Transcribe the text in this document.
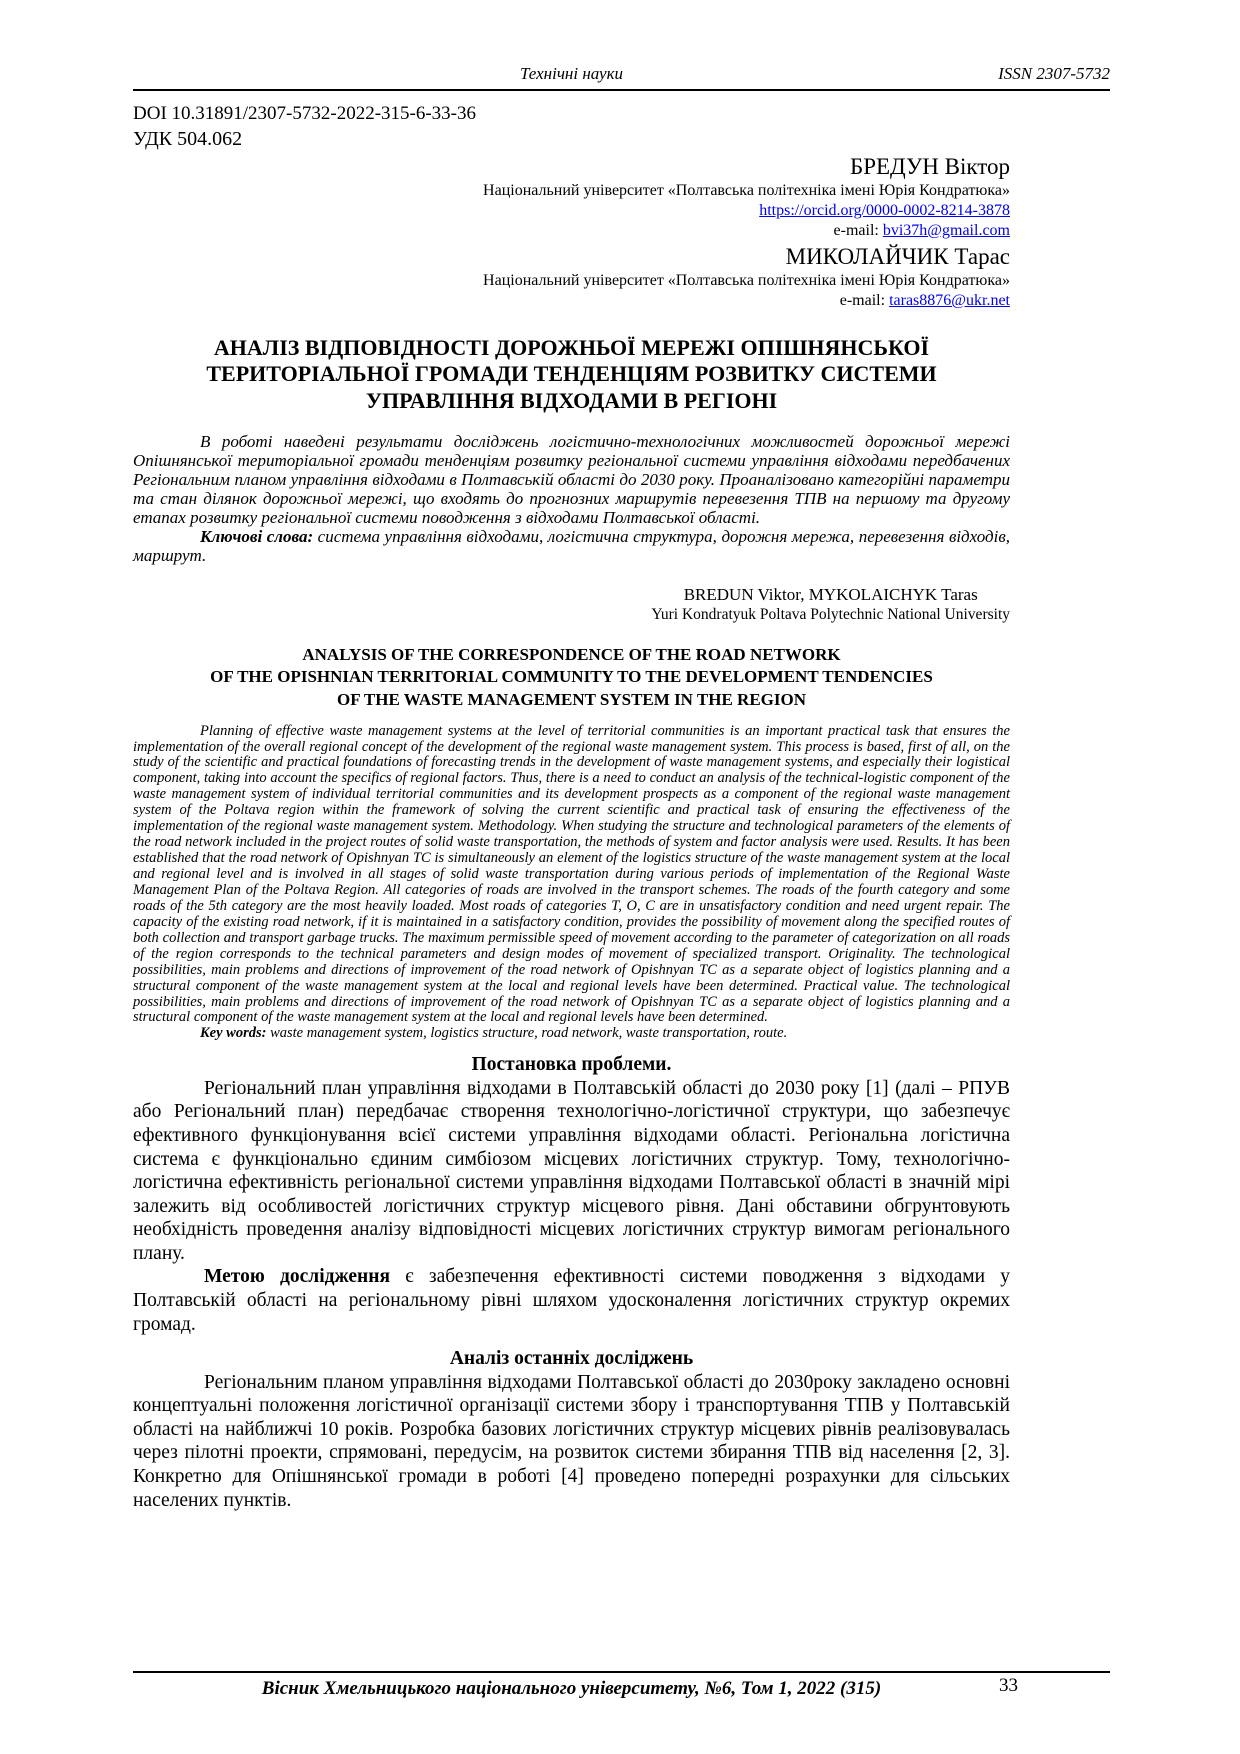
Технічні науки	ISSN 2307-5732
DOI 10.31891/2307-5732-2022-315-6-33-36
УДК 504.062
БРЕДУН Віктор
Національний університет «Полтавська політехніка імені Юрія Кондратюка»
https://orcid.org/0000-0002-8214-3878
e-mail: bvi37h@gmail.com
МИКОЛАЙЧИК Тарас
Національний університет «Полтавська політехніка імені Юрія Кондратюка»
e-mail: taras8876@ukr.net
АНАЛІЗ ВІДПОВІДНОСТІ ДОРОЖНЬОЇ МЕРЕЖІ ОПІШНЯНСЬКОЇ
ТЕРИТОРІАЛЬНОЇ ГРОМАДИ ТЕНДЕНЦІЯМ РОЗВИТКУ СИСТЕМИ
УПРАВЛІННЯ ВІДХОДАМИ В РЕГІОНІ

В роботі наведені результати досліджень логістично-технологічних можливостей дорожньої мережі Опішнянської територіальної громади тенденціям розвитку регіональної системи управління відходами передбачених Регіональним планом управління відходами в Полтавській області до 2030 року. Проаналізовано категорійні параметри та стан ділянок дорожньої мережі, що входять до прогнозних маршрутів перевезення ТПВ на першому та другому етапах розвитку регіональної системи поводження з відходами Полтавської області.

Ключові слова: система управління відходами, логістична структура, дорожня мережа, перевезення відходів, маршрут.

BREDUN Viktor, MYKOLAICHYK Taras
Yuri Kondratyuk Poltava Polytechnic National University
ANALYSIS OF THE CORRESPONDENCE OF THE ROAD NETWORK
OF THE OPISHNIAN TERRITORIAL COMMUNITY TO THE DEVELOPMENT TENDENCIES
OF THE WASTE MANAGEMENT SYSTEM IN THE REGION

Planning of effective waste management systems at the level of territorial communities is an important practical task that ensures the implementation of the overall regional concept of the development of the regional waste management system. This process is based, first of all, on the study of the scientific and practical foundations of forecasting trends in the development of waste management systems, and especially their logistical component, taking into account the specifics of regional factors. Thus, there is a need to conduct an analysis of the technical-logistic component of the waste management system of individual territorial communities and its development prospects as a component of the regional waste management system of the Poltava region within the framework of solving the current scientific and practical task of ensuring the effectiveness of the implementation of the regional waste management system. Methodology. When studying the structure and technological parameters of the elements of the road network included in the project routes of solid waste transportation, the methods of system and factor analysis were used. Results. It has been established that the road network of Opishnyan TC is simultaneously an element of the logistics structure of the waste management system at the local and regional level and is involved in all stages of solid waste transportation during various periods of implementation of the Regional Waste Management Plan of the Poltava Region. All categories of roads are involved in the transport schemes. The roads of the fourth category and some roads of the 5th category are the most heavily loaded. Most roads of categories T, O, C are in unsatisfactory condition and need urgent repair. The capacity of the existing road network, if it is maintained in a satisfactory condition, provides the possibility of movement along the specified routes of both collection and transport garbage trucks. The maximum permissible speed of movement according to the parameter of categorization on all roads of the region corresponds to the technical parameters and design modes of movement of specialized transport. Originality. The technological possibilities, main problems and directions of improvement of the road network of Opishnyan TC as a separate object of logistics planning and a structural component of the waste management system at the local and regional levels have been determined. Practical value. The technological possibilities, main problems and directions of improvement of the road network of Opishnyan TC as a separate object of logistics planning and a structural component of the waste management system at the local and regional levels have been determined.

Key words: waste management system, logistics structure, road network, waste transportation, route.

Постановка проблеми.

Регіональний план управління відходами в Полтавській області до 2030 року [1] (далі – РПУВ або Регіональний план) передбачає створення технологічно-логістичної структури, що забезпечує ефективного функціонування всієї системи управління відходами області. Регіональна логістична система є функціонально єдиним симбіозом місцевих логістичних структур. Тому, технологічно-логістична ефективність регіональної системи управління відходами Полтавської області в значній мірі залежить від особливостей логістичних структур місцевого рівня. Дані обставини обгрунтовують необхідність проведення аналізу відповідності місцевих логістичних структур вимогам регіонального плану.

Метою дослідження є забезпечення ефективності системи поводження з відходами у Полтавській області на регіональному рівні шляхом удосконалення логістичних структур окремих громад.

Аналіз останніх досліджень

Регіональним планом управління відходами Полтавської області до 2030року закладено основні концептуальні положення логістичної організації системи збору і транспортування ТПВ у Полтавській області на найближчі 10 років. Розробка базових логістичних структур місцевих рівнів реалізовувалась через пілотні проекти, спрямовані, передусім, на розвиток системи збирання ТПВ від населення [2, 3]. Конкретно для Опішнянської громади в роботі [4] проведено попередні розрахунки для сільських населених пунктів.

Вісник Хмельницького національного університету, №6, Том 1, 2022 (315)	33
